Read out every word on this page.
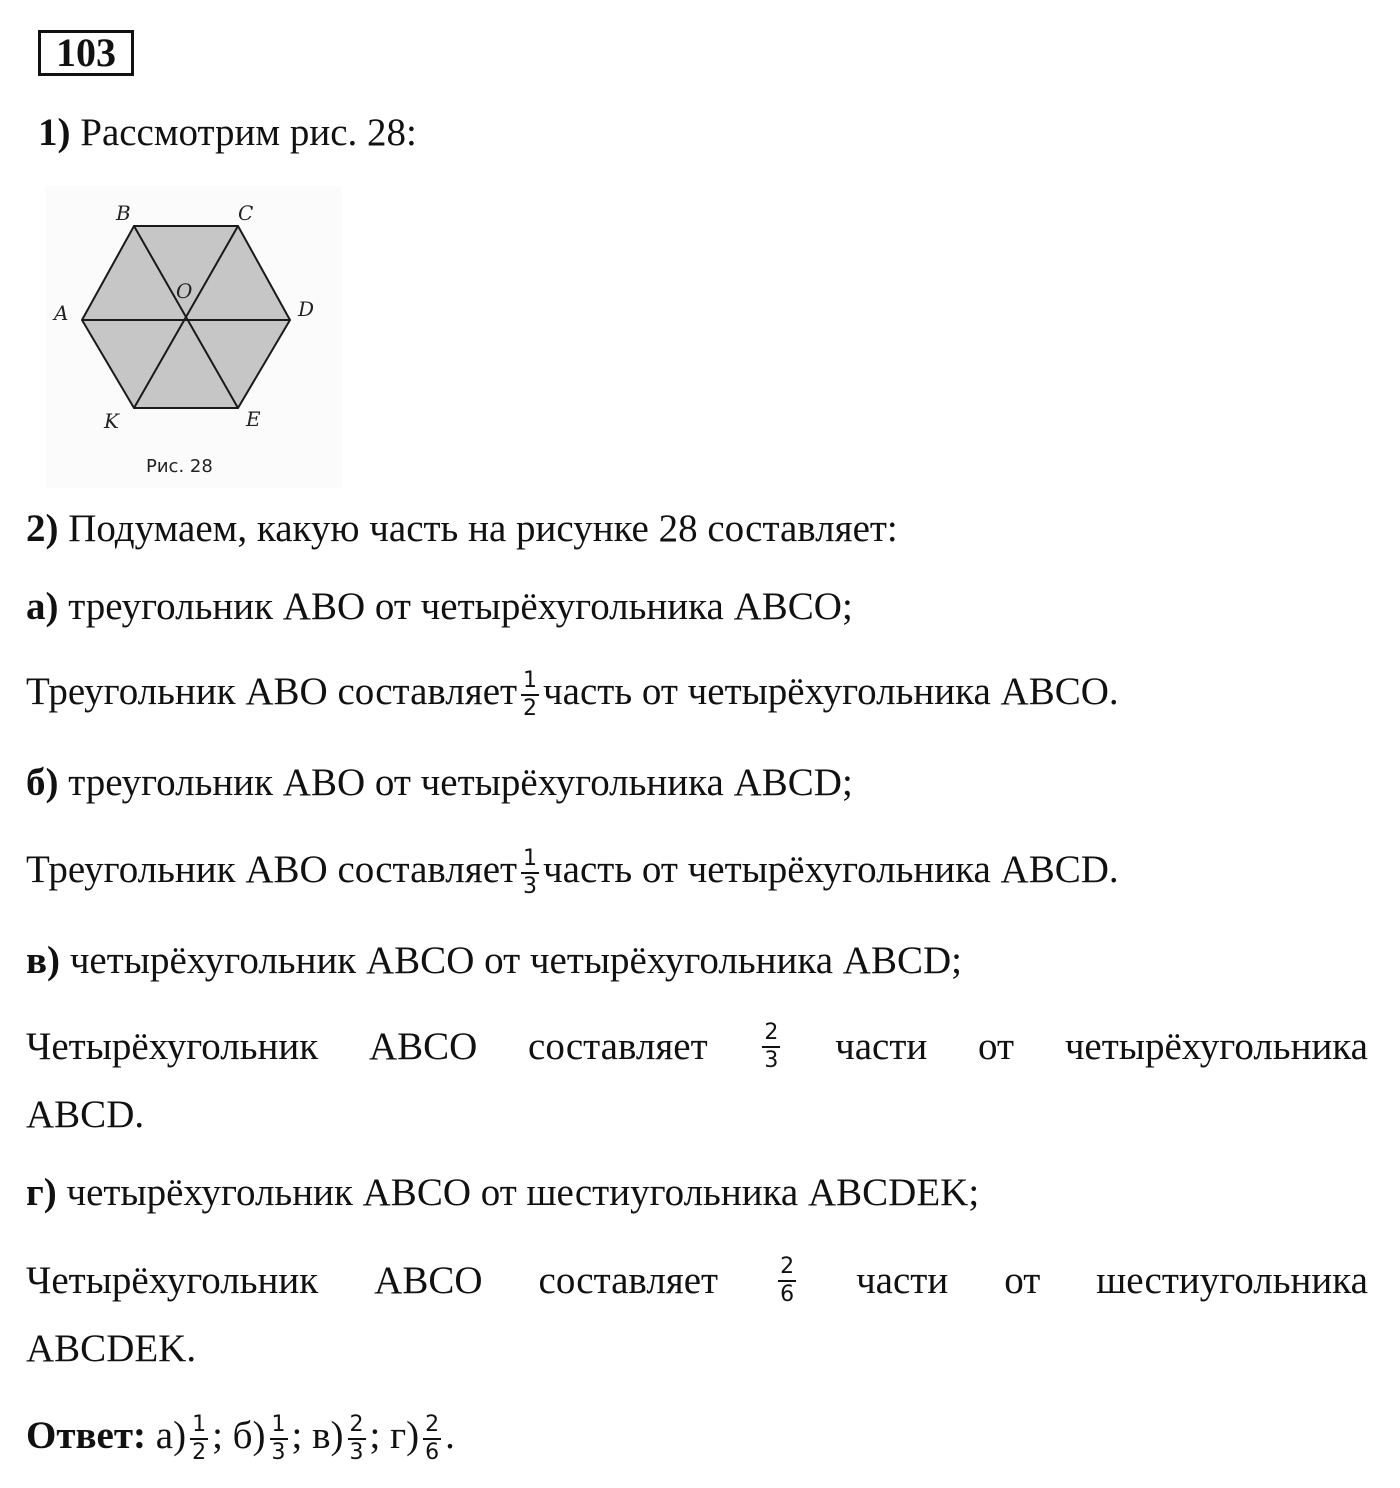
103
1) Рассмотрим рис. 28:
B	C
A
O
D
K	E
Рис. 28
2) Подумаем, какую часть на рисунке 28 составляет:
а) треугольник ABO от четырёхугольника ABCO;
Треугольник ABO составляет $\frac{1}{2}$ часть от четырёхугольника ABCO.
б) треугольник ABO от четырёхугольника ABCD;
Треугольник ABO составляет $\frac{1}{3}$ часть от четырёхугольника ABCD.
в) четырёхугольник ABCO от четырёхугольника ABCD;
Четырёхугольник ABCO составляет $\frac{2}{3}$ части от четырёхугольника
ABCD.
г) четырёхугольник ABCO от шестиугольника ABCDEK;
Четырёхугольник ABCO составляет	$\frac{2}{6}$ части от шестиугольника
ABCDEK.
Ответ: $а) \frac{1}{2}$ ; $б) \frac{1}{3}$ ; $в) \frac{2}{3}$ ; $г) \frac{2}{6}$ .
